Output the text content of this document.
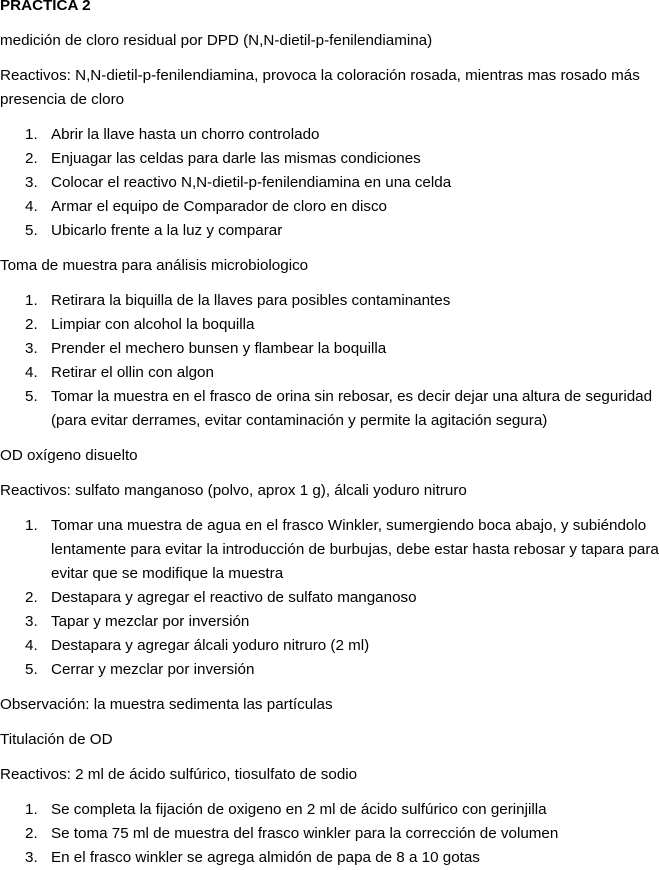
PRACTICA 2

medición de cloro residual por DPD (N,N-dietil-p-fenilendiamina)

Reactivos: N,N-dietil-p-fenilendiamina, provoca la coloración rosada, mientras mas rosado más presencia de cloro

1. Abrir la llave hasta un chorro controlado
2. Enjuagar las celdas para darle las mismas condiciones
3. Colocar el reactivo N,N-dietil-p-fenilendiamina en una celda
4. Armar el equipo de Comparador de cloro en disco
5. Ubicarlo frente a la luz y comparar

Toma de muestra para análisis microbiologico

1. Retirara la biquilla de la llaves para posibles contaminantes
2. Limpiar con alcohol la boquilla
3. Prender el mechero bunsen y flambear la boquilla
4. Retirar el ollin con algon
5. Tomar la muestra en el frasco de orina sin rebosar, es decir dejar una altura de seguridad (para evitar derrames, evitar contaminación y permite la agitación segura)

OD oxígeno disuelto

Reactivos: sulfato manganoso (polvo, aprox 1 g), álcali yoduro nitruro

1. Tomar una muestra de agua en el frasco Winkler, sumergiendo boca abajo, y subiéndolo lentamente para evitar la introducción de burbujas, debe estar hasta rebosar y tapara para evitar que se modifique la muestra
2. Destapara y agregar el reactivo de sulfato manganoso
3. Tapar y mezclar por inversión
4. Destapara y agregar álcali yoduro nitruro (2 ml)
5. Cerrar y mezclar por inversión

Observación: la muestra sedimenta las partículas

Titulación de OD

Reactivos: 2 ml de ácido sulfúrico, tiosulfato de sodio

1. Se completa la fijación de oxigeno en 2 ml de ácido sulfúrico con gerinjilla
2. Se toma 75 ml de muestra del frasco winkler para la corrección de volumen
3. En el frasco winkler se agrega almidón de papa de 8 a 10 gotas
